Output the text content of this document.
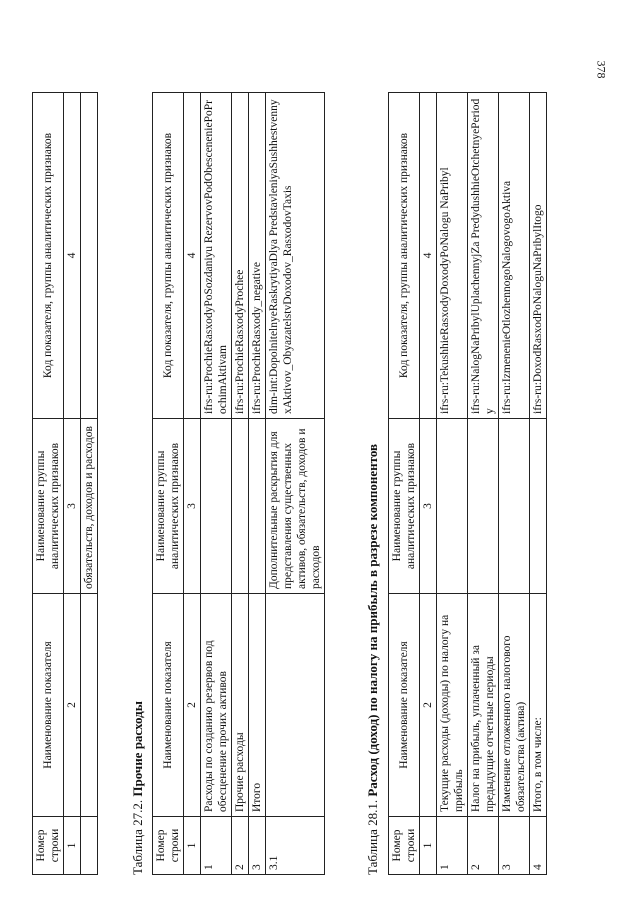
378
Номер строки	Наименование показателя	Наименование группы аналитических признаков	Код показателя, группы аналитических признаков
1	2	3	4
		обязательств, доходов и расходов	
Таблица 27.2. Прочие расходы
Номер строки	Наименование показателя	Наименование группы аналитических признаков	Код показателя, группы аналитических признаков
1	2	3	4
1	Расходы по созданию резервов под обесценение прочих активов		ifrs-ru:ProchieRasxodyPoSozdaniyu RezervovPodObesceneniePoProchimAktivam
2	Прочие расходы		ifrs-ru:ProchieRasxodyProchee
3	Итого		ifrs-ru:ProchieRasxody_negative
3.1		Дополнительные раскрытия для представления существенных активов, обязательств, доходов и расходов	dim-int:DopolnitelnyeRaskrytiyaDlya PredstavleniyaSushhestvennyxAktivov_ObyazatelstvDoxodov_RasxodovTaxis
Таблица 28.1. Расход (доход) по налогу на прибыль в разрезе компонентов
Номер строки	Наименование показателя	Наименование группы аналитических признаков	Код показателя, группы аналитических признаков
1	2	3	4
1	Текущие расходы (доходы) по налогу на прибыль		ifrs-ru:TekushhieRasxodyDoxodyPoNalogu NaPribyl
2	Налог на прибыль, уплаченный за предыдущие отчетные периоды		ifrs-ru:NalogNaPribylUplachennyjZa PredydushhieOtchetnyePeriody
3	Изменение отложенного налогового обязательства (актива)		ifrs-ru:IzmenenieOtlozhennogoNalogovogoAktiva
4	Итого, в том числе:		ifrs-ru:DoxodRasxodPoNaloguNaPribylItogo
